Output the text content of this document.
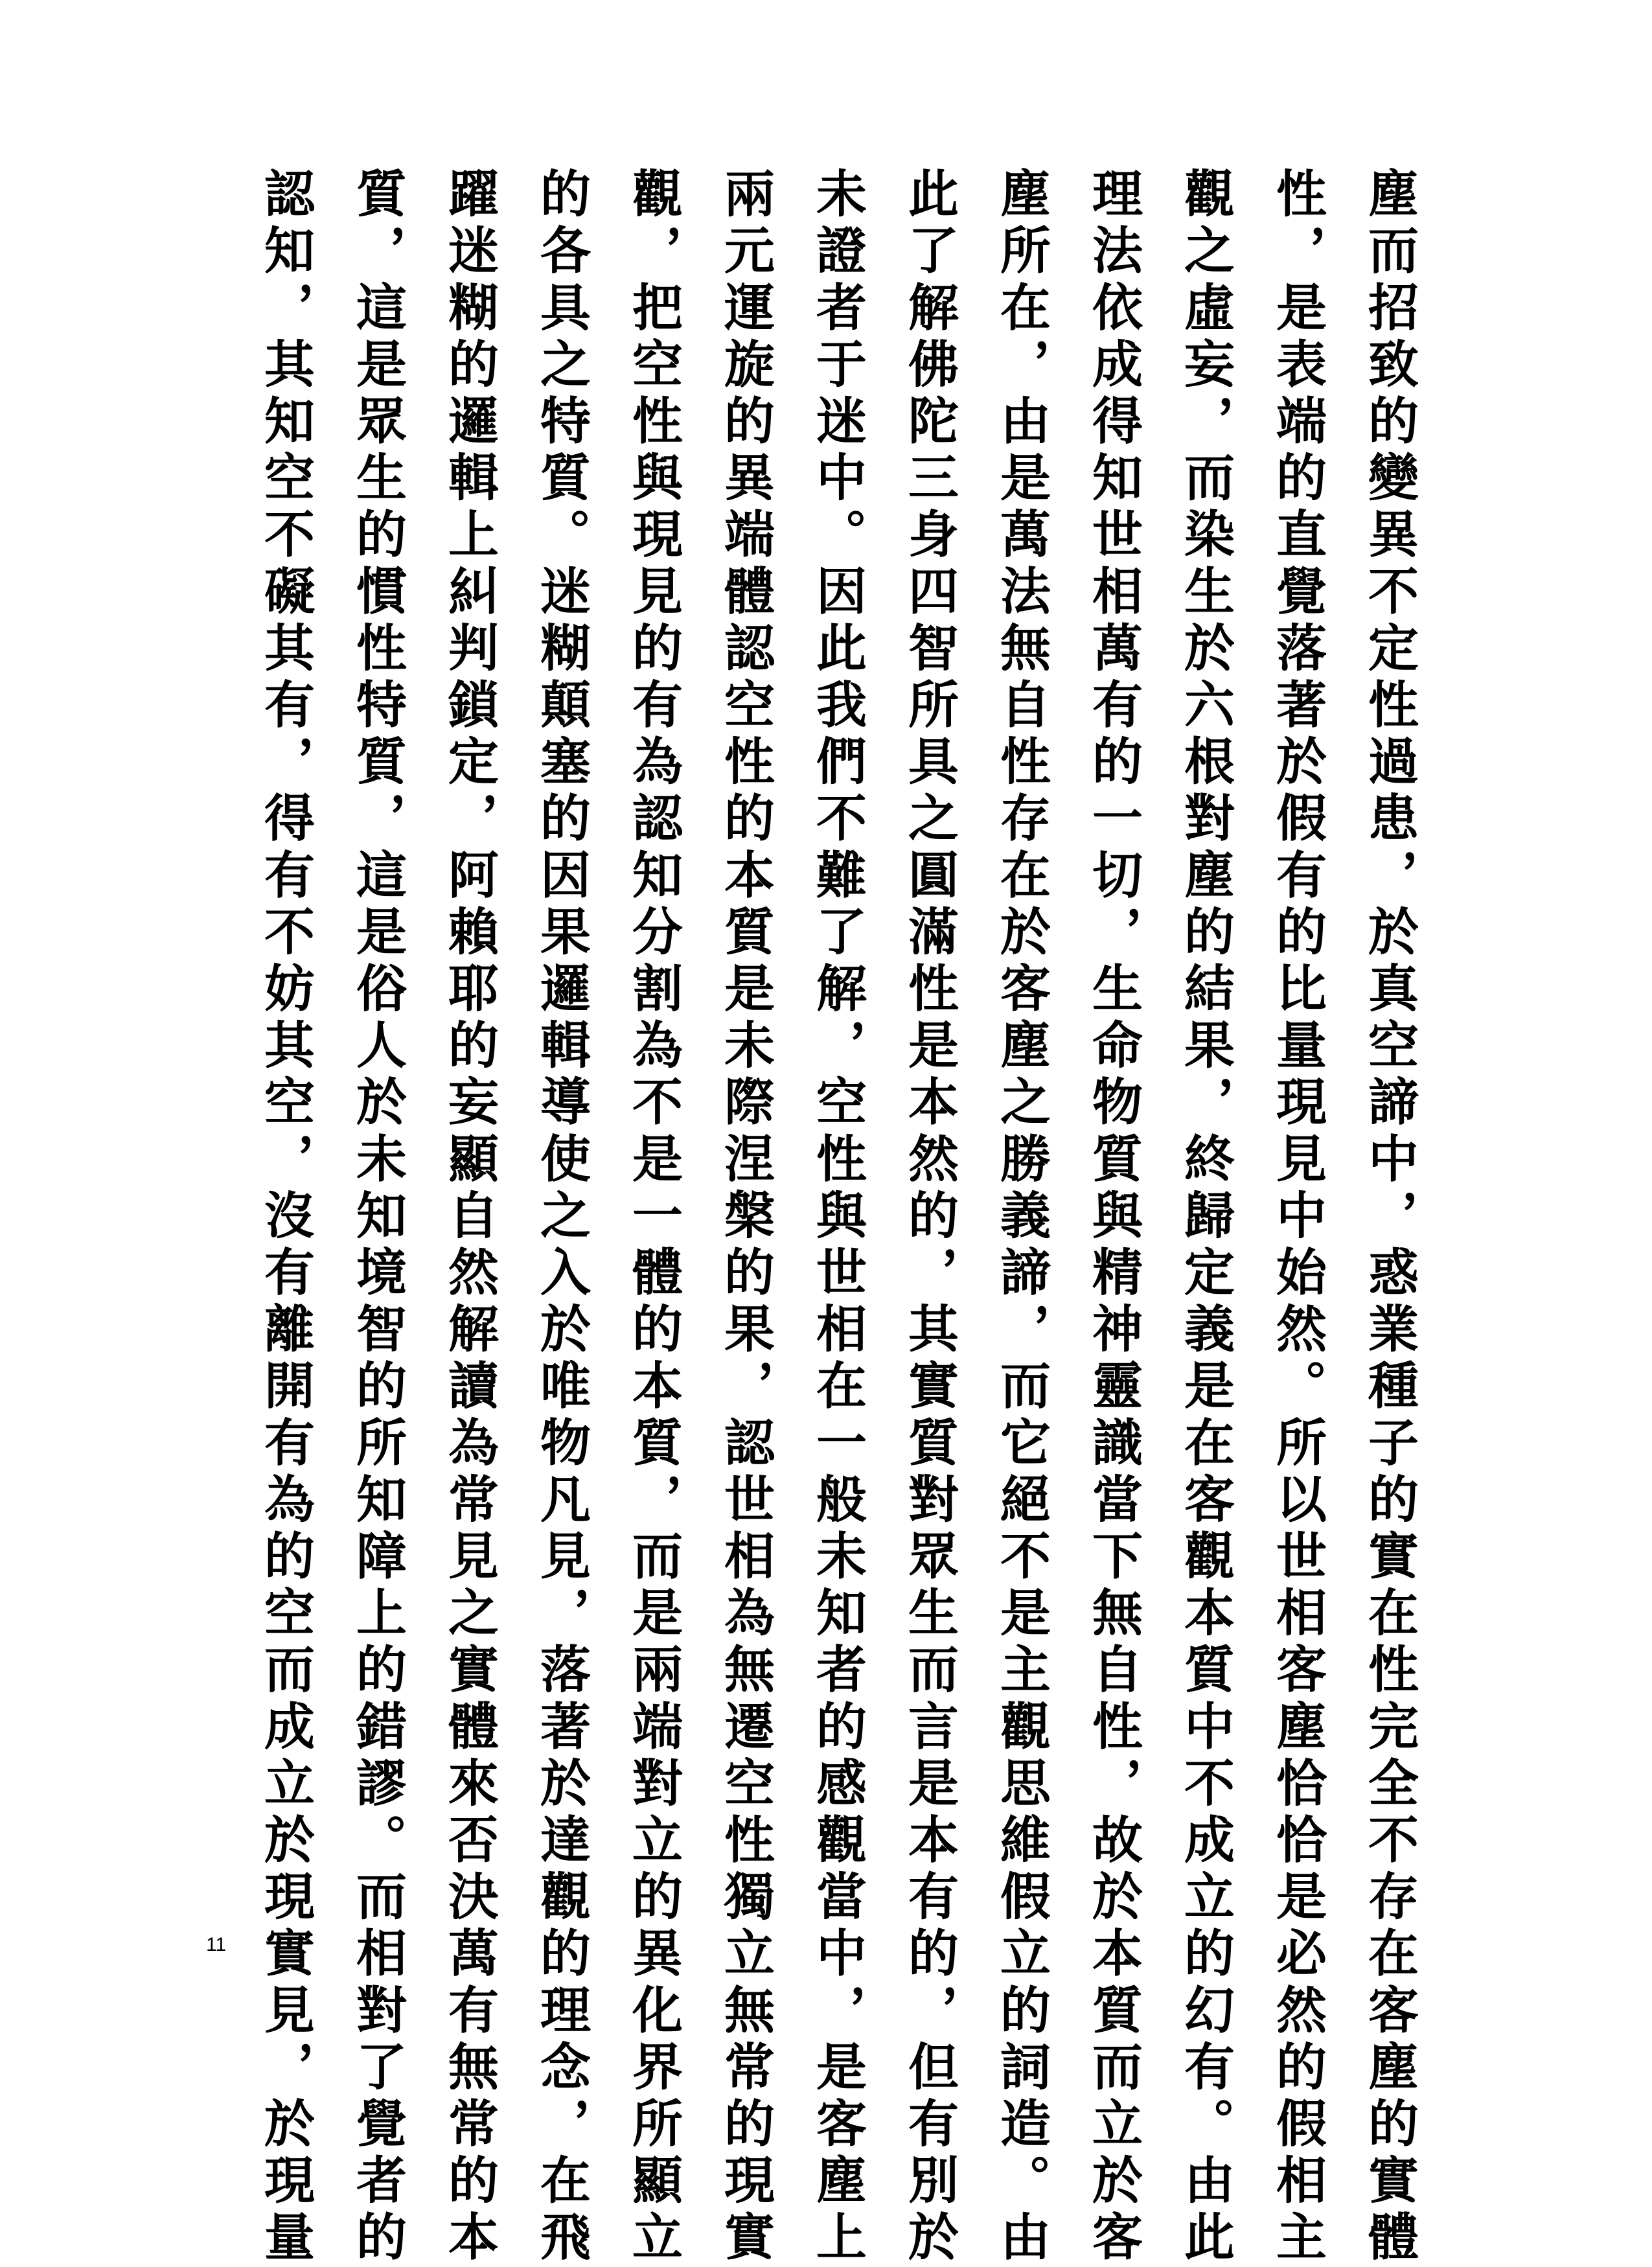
塵而招致的變異不定性過患，於真空諦中，惑業種子的實在性完全不存在客塵的實體
性，是表端的直覺落著於假有的比量現見中始然。所以世相客塵恰恰是必然的假相主
觀之虛妄，而染生於六根對塵的結果，終歸定義是在客觀本質中不成立的幻有。由此
理法依成得知世相萬有的一切，生命物質與精神靈識當下無自性，故於本質而立於客
塵所在，由是萬法無自性存在於客塵之勝義諦，而它絕不是主觀思維假立的詞造。由
此了解佛陀三身四智所具之圓滿性是本然的，其實質對眾生而言是本有的，但有別於
未證者于迷中。因此我們不難了解，空性與世相在一般未知者的感觀當中，是客塵上
兩元運旋的異端體認空性的本質是未際涅槃的果，認世相為無遷空性獨立無常的現實
觀，把空性與現見的有為認知分割為不是一體的本質，而是兩端對立的異化界所顯立
的各具之特質。迷糊顛塞的因果邏輯導使之入於唯物凡見，落著於達觀的理念，在飛
躍迷糊的邏輯上糾判鎖定，阿賴耶的妄顯自然解讀為常見之實體來否決萬有無常的本
質，這是眾生的慣性特質，這是俗人於未知境智的所知障上的錯謬。而相對了覺者的
認知，其知空不礙其有，得有不妨其空，沒有離開有為的空而成立於現實見，於現量
11
